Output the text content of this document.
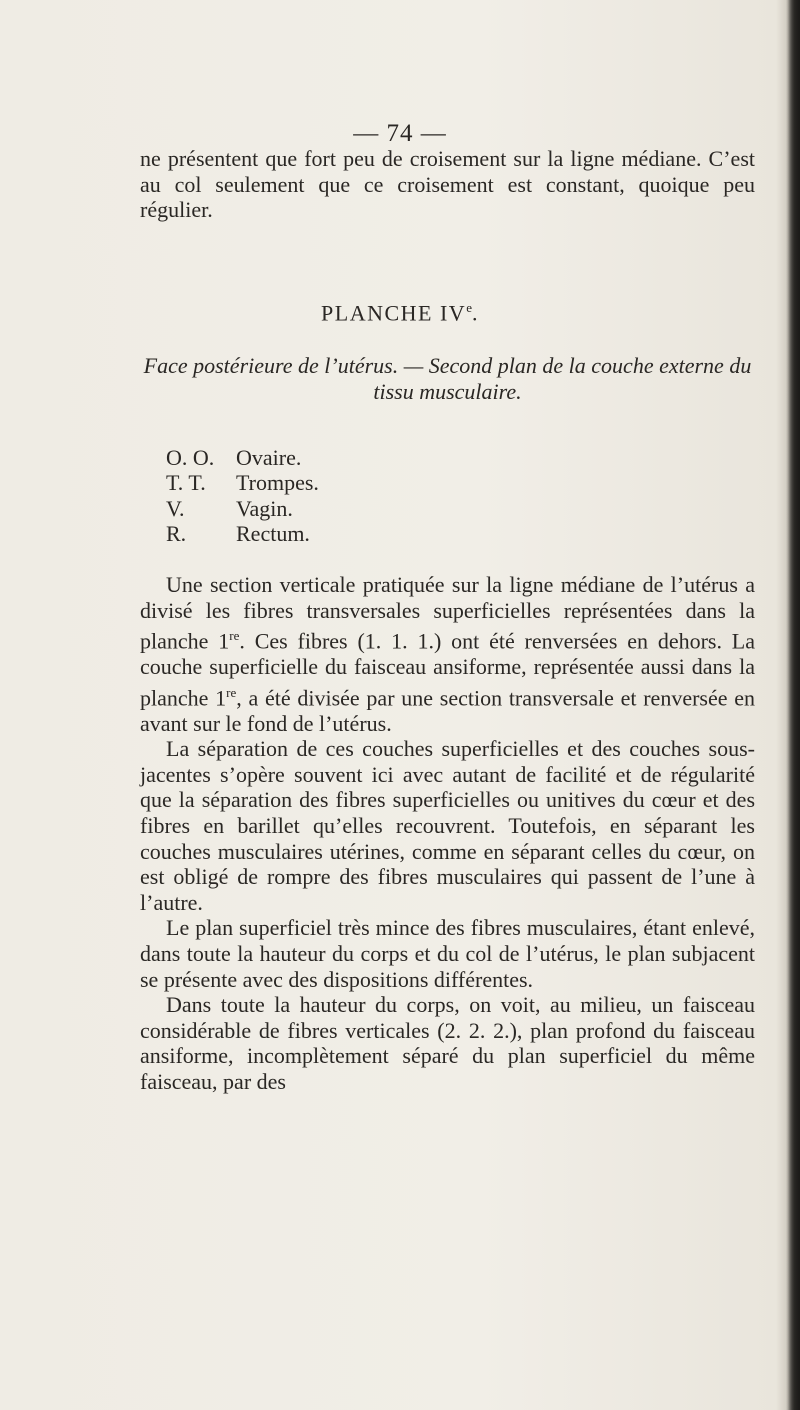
— 74 —

ne présentent que fort peu de croisement sur la ligne médiane. C’est au col seulement que ce croisement est constant, quoique peu régulier.

PLANCHE IVe.
Face postérieure de l’utérus. — Second plan de la couche externe du tissu musculaire.
O. O. Ovaire.
T. T.	Trompes.
V.	Vagin.
R.	Rectum.

Une section verticale pratiquée sur la ligne médiane de l’utérus a divisé les fibres transversales superficielles représentées dans la planche 1re. Ces fibres (1. 1. 1.) ont été renversées en dehors. La couche superficielle du faisceau ansiforme, représentée aussi dans la planche 1re, a été divisée par une section transversale et renversée en avant sur le fond de l’utérus.

La séparation de ces couches superficielles et des couches sous-jacentes s’opère souvent ici avec autant de facilité et de régularité que la séparation des fibres superficielles ou unitives du cœur et des fibres en barillet qu’elles recouvrent. Toutefois, en séparant les couches musculaires utérines, comme en séparant celles du cœur, on est obligé de rompre des fibres musculaires qui passent de l’une à l’autre.

Le plan superficiel très mince des fibres musculaires, étant enlevé, dans toute la hauteur du corps et du col de l’utérus, le plan subjacent se présente avec des dispositions différentes.

Dans toute la hauteur du corps, on voit, au milieu, un faisceau considérable de fibres verticales (2. 2. 2.), plan profond du faisceau ansiforme, incomplètement séparé du plan superficiel du même faisceau, par des
